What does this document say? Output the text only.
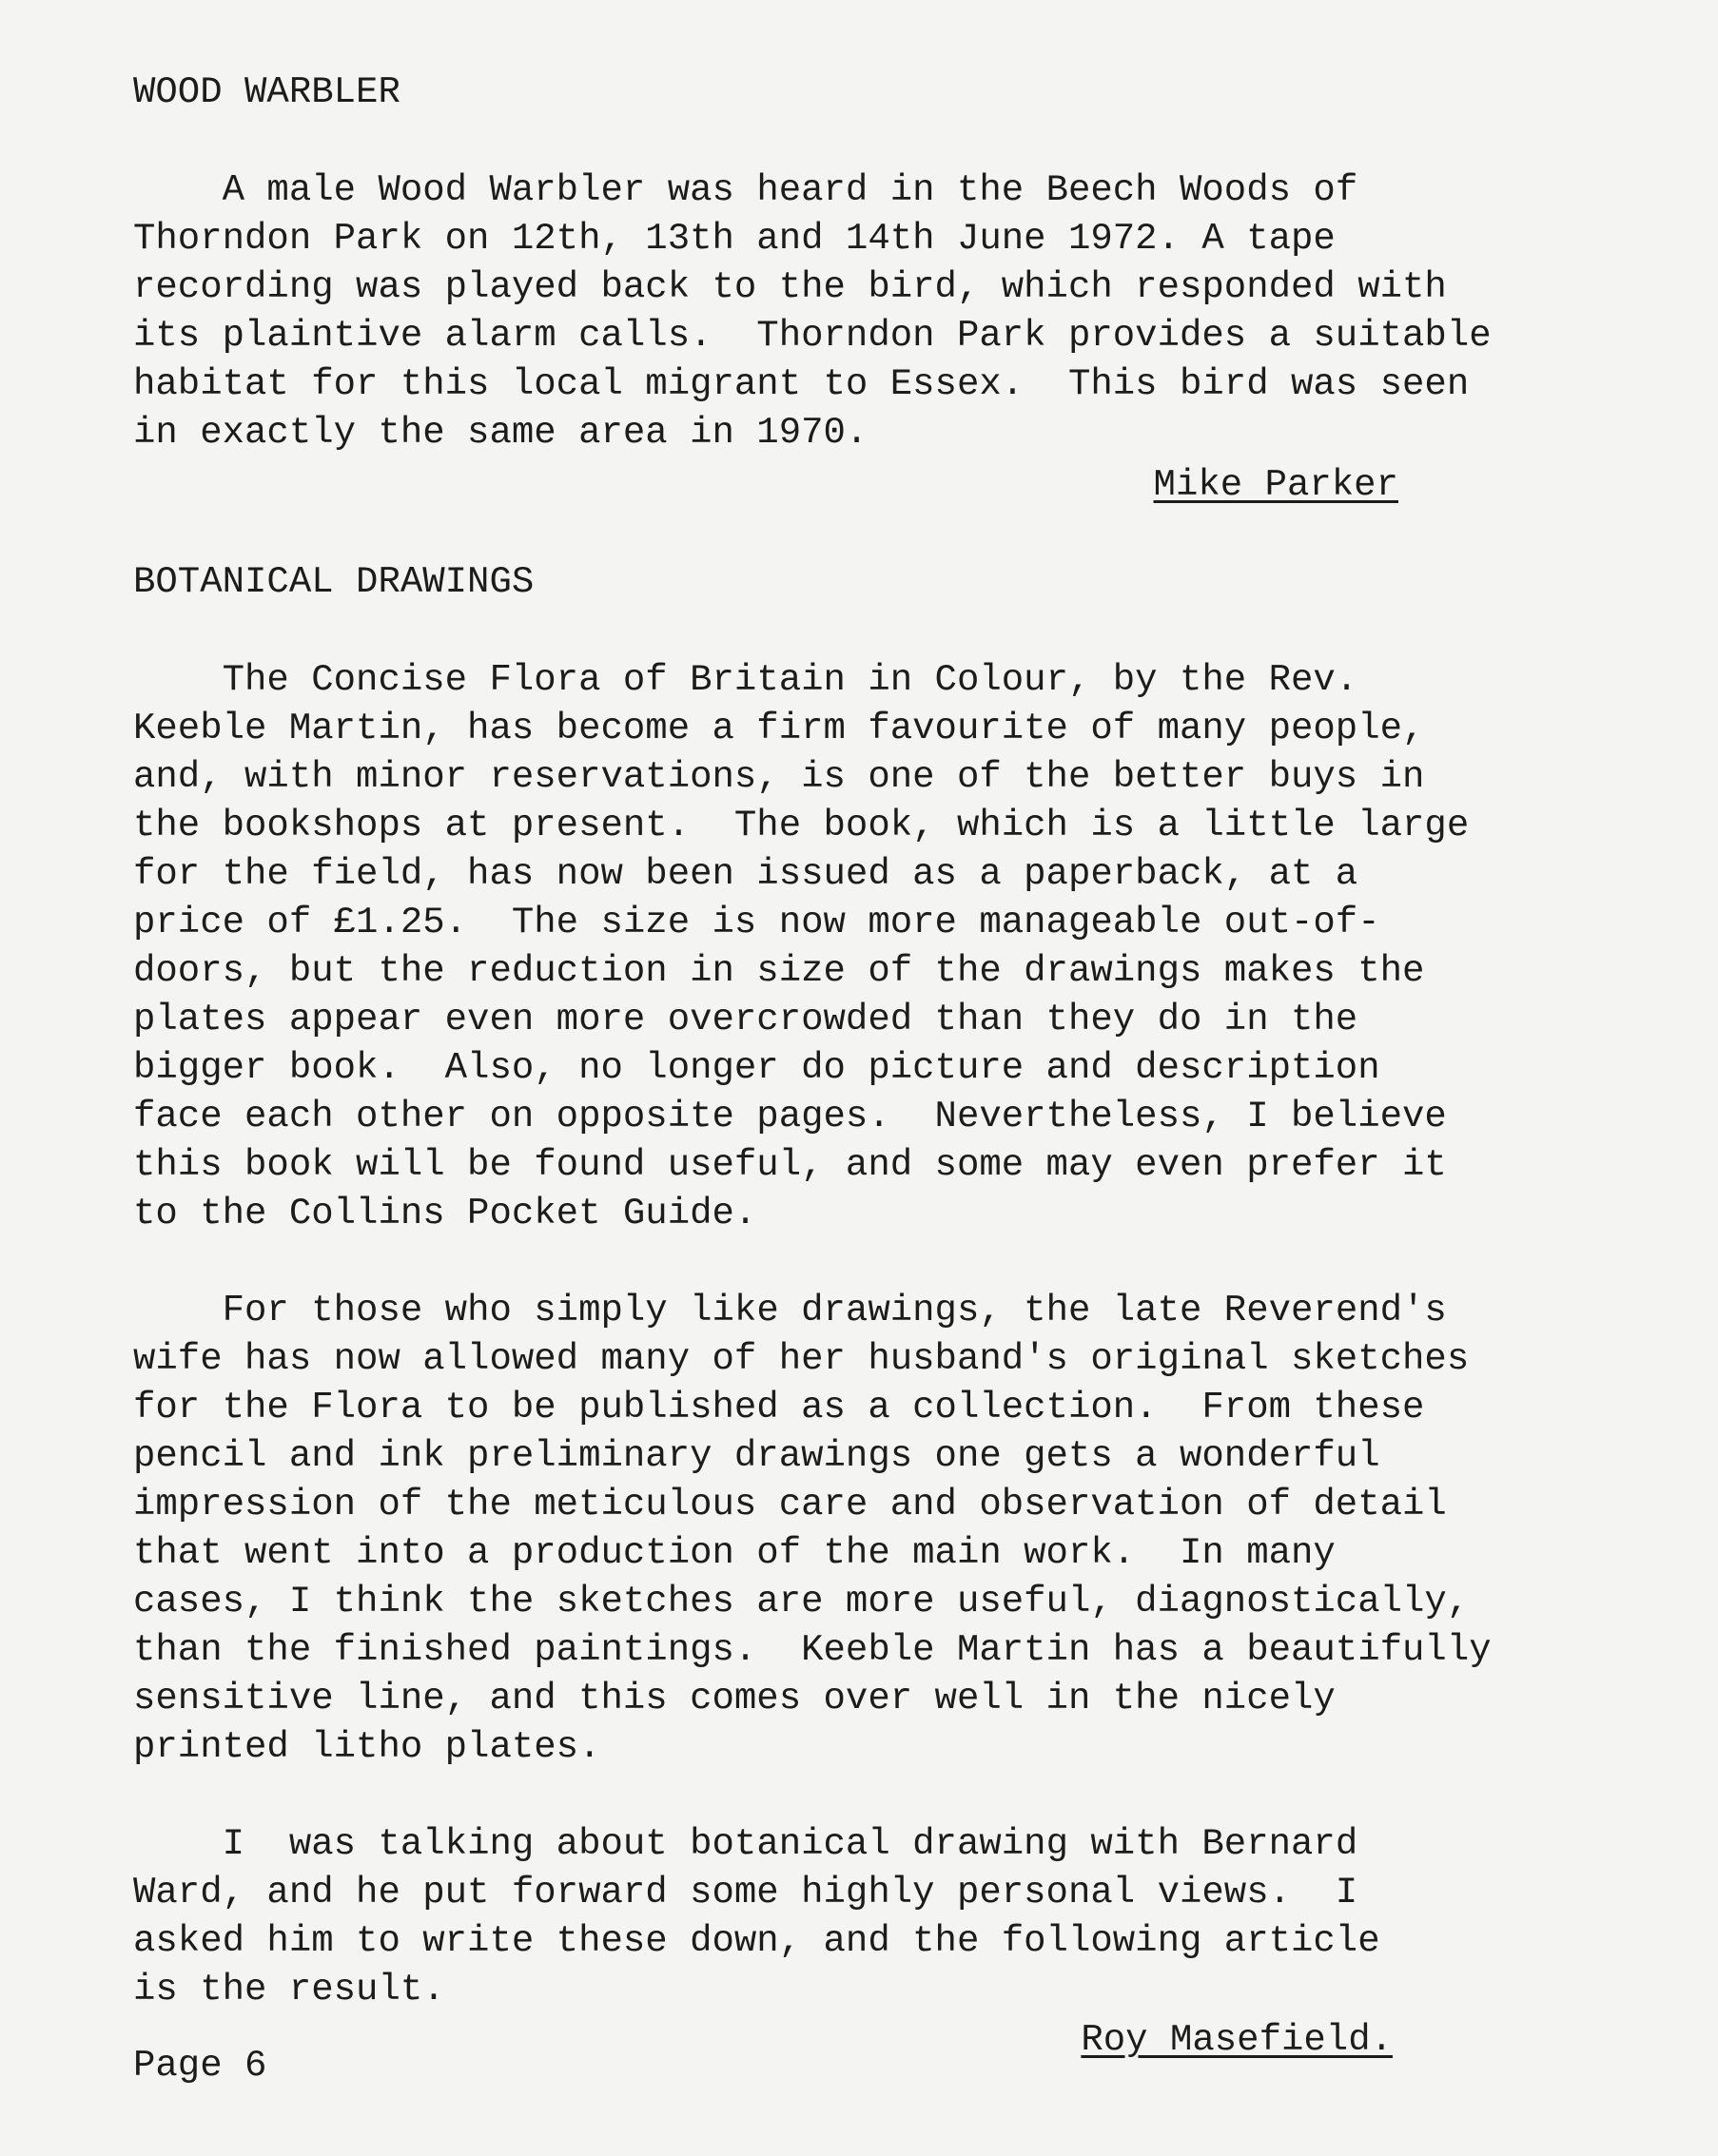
WOOD WARBLER

A male Wood Warbler was heard in the Beech Woods of
Thorndon Park on 12th, 13th and 14th June 1972. A tape
recording was played back to the bird, which responded with
its plaintive alarm calls.  Thorndon Park provides a suitable
habitat for this local migrant to Essex.  This bird was seen
in exactly the same area in 1970.

Mike Parker
BOTANICAL DRAWINGS

The Concise Flora of Britain in Colour, by the Rev.
Keeble Martin, has become a firm favourite of many people,
and, with minor reservations, is one of the better buys in
the bookshops at present.  The book, which is a little large
for the field, has now been issued as a paperback, at a
price of £1.25.  The size is now more manageable out-of-
doors, but the reduction in size of the drawings makes the
plates appear even more overcrowded than they do in the
bigger book.  Also, no longer do picture and description
face each other on opposite pages.  Nevertheless, I believe
this book will be found useful, and some may even prefer it
to the Collins Pocket Guide.

For those who simply like drawings, the late Reverend's
wife has now allowed many of her husband's original sketches
for the Flora to be published as a collection.  From these
pencil and ink preliminary drawings one gets a wonderful
impression of the meticulous care and observation of detail
that went into a production of the main work.  In many
cases, I think the sketches are more useful, diagnostically,
than the finished paintings.  Keeble Martin has a beautifully
sensitive line, and this comes over well in the nicely
printed litho plates.

I  was talking about botanical drawing with Bernard
Ward, and he put forward some highly personal views.  I
asked him to write these down, and the following article
is the result.

Roy Masefield.
Page 6
